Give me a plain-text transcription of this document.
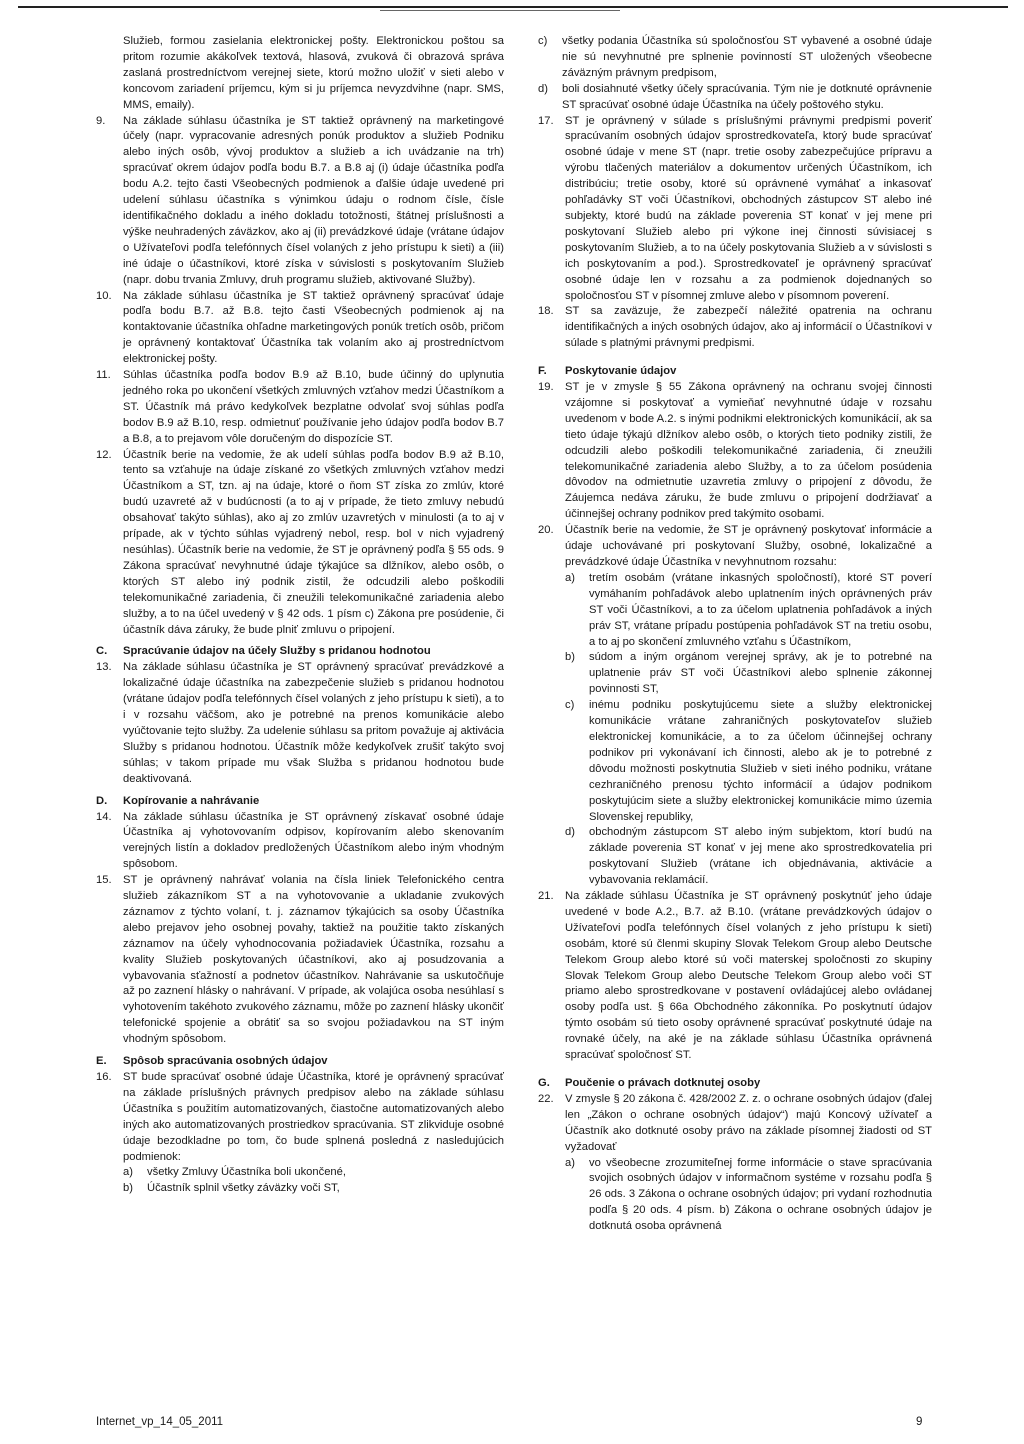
Služieb, formou zasielania elektronickej pošty. Elektronickou poštou sa pritom rozumie akákoľvek textová, hlasová, zvuková či obrazová správa zaslaná prostredníctvom verejnej siete, ktorú možno uložiť v sieti alebo v koncovom zariadení príjemcu, kým si ju príjemca nevyzdvihne (napr. SMS, MMS, emaily).
9.	Na základe súhlasu účastníka je ST taktiež oprávnený na marketingové účely (napr. vypracovanie adresných ponúk produktov a služieb Podniku alebo iných osôb, vývoj produktov a služieb a ich uvádzanie na trh) spracúvať okrem údajov podľa bodu B.7. a B.8 aj (i) údaje účastníka podľa bodu A.2. tejto časti Všeobecných podmienok a ďalšie údaje uvedené pri udelení súhlasu účastníka s výnimkou údaju o rodnom čísle, čísle identifikačného dokladu a iného dokladu totožnosti, štátnej príslušnosti a výške neuhradených záväzkov, ako aj (ii) prevádzkové údaje (vrátane údajov o Užívateľovi podľa telefónnych čísel volaných z jeho prístupu k sieti) a (iii) iné údaje o účastníkovi, ktoré získa v súvislosti s poskytovaním Služieb (napr. dobu trvania Zmluvy, druh programu služieb, aktivované Služby).
10.	Na základe súhlasu účastníka je ST taktiež oprávnený spracúvať údaje podľa bodu B.7. až B.8. tejto časti Všeobecných podmienok aj na kontaktovanie účastníka ohľadne marketingových ponúk tretích osôb, pričom je oprávnený kontaktovať Účastníka tak volaním ako aj prostredníctvom elektronickej pošty.
11.	Súhlas účastníka podľa bodov B.9 až B.10, bude účinný do uplynutia jedného roka po ukončení všetkých zmluvných vzťahov medzi Účastníkom a ST. Účastník má právo kedykoľvek bezplatne odvolať svoj súhlas podľa bodov B.9 až B.10, resp. odmietnuť používanie jeho údajov podľa bodov B.7 a B.8, a to prejavom vôle doručeným do dispozície ST.
12.	Účastník berie na vedomie, že ak udelí súhlas podľa bodov B.9 až B.10, tento sa vzťahuje na údaje získané zo všetkých zmluvných vzťahov medzi Účastníkom a ST, tzn. aj na údaje, ktoré o ňom ST získa zo zmlúv, ktoré budú uzavreté až v budúcnosti (a to aj v prípade, že tieto zmluvy nebudú obsahovať takýto súhlas), ako aj zo zmlúv uzavretých v minulosti (a to aj v prípade, ak v týchto súhlas vyjadrený nebol, resp. bol v nich vyjadrený nesúhlas). Účastník berie na vedomie, že ST je oprávnený podľa § 55 ods. 9 Zákona spracúvať nevyhnutné údaje týkajúce sa dlžníkov, alebo osôb, o ktorých ST alebo iný podnik zistil, že odcudzili alebo poškodili telekomunikačné zariadenia, či zneužili telekomunikačné zariadenia alebo služby, a to na účel uvedený v § 42 ods. 1 písm c) Zákona pre posúdenie, či účastník dáva záruky, že bude plniť zmluvu o pripojení.
C.	Spracúvanie údajov na účely Služby s pridanou hodnotou
13.	Na základe súhlasu účastníka je ST oprávnený spracúvať prevádzkové a lokalizačné údaje účastníka na zabezpečenie služieb s pridanou hodnotou (vrátane údajov podľa telefónnych čísel volaných z jeho prístupu k sieti), a to i v rozsahu väčšom, ako je potrebné na prenos komunikácie alebo vyúčtovanie tejto služby. Za udelenie súhlasu sa pritom považuje aj aktivácia Služby s pridanou hodnotou. Účastník môže kedykoľvek zrušiť takýto svoj súhlas; v takom prípade mu však Služba s pridanou hodnotou bude deaktivovaná.
D.	Kopírovanie a nahrávanie
14.	Na základe súhlasu účastníka je ST oprávnený získavať osobné údaje Účastníka aj vyhotovovaním odpisov, kopírovaním alebo skenovaním verejných listín a dokladov predložených Účastníkom alebo iným vhodným spôsobom.
15.	ST je oprávnený nahrávať volania na čísla liniek Telefonického centra služieb zákazníkom ST a na vyhotovovanie a ukladanie zvukových záznamov z týchto volaní, t. j. záznamov týkajúcich sa osoby Účastníka alebo prejavov jeho osobnej povahy, taktiež na použitie takto získaných záznamov na účely vyhodnocovania požiadaviek Účastníka, rozsahu a kvality Služieb poskytovaných účastníkovi, ako aj posudzovania a vybavovania sťažností a podnetov účastníkov. Nahrávanie sa uskutočňuje až po zaznení hlásky o nahrávaní. V prípade, ak volajúca osoba nesúhlasí s vyhotovením takéhoto zvukového záznamu, môže po zaznení hlásky ukončiť telefonické spojenie a obrátiť sa so svojou požiadavkou na ST iným vhodným spôsobom.
E.	Spôsob spracúvania osobných údajov
16.	ST bude spracúvať osobné údaje Účastníka, ktoré je oprávnený spracúvať na základe príslušných právnych predpisov alebo na základe súhlasu Účastníka s použitím automatizovaných, čiastočne automatizovaných alebo iných ako automatizovaných prostriedkov spracúvania. ST zlikviduje osobné údaje bezodkladne po tom, čo bude splnená posledná z nasledujúcich podmienok:
a)	všetky Zmluvy Účastníka boli ukončené,
b)	Účastník splnil všetky záväzky voči ST,
c)	všetky podania Účastníka sú spoločnosťou ST vybavené a osobné údaje nie sú nevyhnutné pre splnenie povinností ST uložených všeobecne záväzným právnym predpisom,
d)	boli dosiahnuté všetky účely spracúvania. Tým nie je dotknuté oprávnenie ST spracúvať osobné údaje Účastníka na účely poštového styku.
17.	ST je oprávnený v súlade s príslušnými právnymi predpismi poveriť spracúvaním osobných údajov sprostredkovateľa, ktorý bude spracúvať osobné údaje v mene ST (napr. tretie osoby zabezpečujúce prípravu a výrobu tlačených materiálov a dokumentov určených Účastníkom, ich distribúciu; tretie osoby, ktoré sú oprávnené vymáhať a inkasovať pohľadávky ST voči Účastníkovi, obchodných zástupcov ST alebo iné subjekty, ktoré budú na základe poverenia ST konať v jej mene pri poskytovaní Služieb alebo pri výkone inej činnosti súvisiacej s poskytovaním Služieb, a to na účely poskytovania Služieb a v súvislosti s ich poskytovaním a pod.). Sprostredkovateľ je oprávnený spracúvať osobné údaje len v rozsahu a za podmienok dojednaných so spoločnosťou ST v písomnej zmluve alebo v písomnom poverení.
18.	ST sa zaväzuje, že zabezpečí náležité opatrenia na ochranu identifikačných a iných osobných údajov, ako aj informácií o Účastníkovi v súlade s platnými právnymi predpismi.
F.	Poskytovanie údajov
19.	ST je v zmysle § 55 Zákona oprávnený na ochranu svojej činnosti vzájomne si poskytovať a vymieňať nevyhnutné údaje v rozsahu uvedenom v bode A.2. s inými podnikmi elektronických komunikácií, ak sa tieto údaje týkajú dlžníkov alebo osôb, o ktorých tieto podniky zistili, že odcudzili alebo poškodili telekomunikačné zariadenia, či zneužili telekomunikačné zariadenia alebo Služby, a to za účelom posúdenia dôvodov na odmietnutie uzavretia zmluvy o pripojení z dôvodu, že Záujemca nedáva záruku, že bude zmluvu o pripojení dodržiavať a účinnejšej ochrany podnikov pred takýmito osobami.
20.	Účastník berie na vedomie, že ST je oprávnený poskytovať informácie a údaje uchovávané pri poskytovaní Služby, osobné, lokalizačné a prevádzkové údaje Účastníka v nevyhnutnom rozsahu:
a)	tretím osobám (vrátane inkasných spoločností), ktoré ST poverí vymáhaním pohľadávok alebo uplatnením iných oprávnených práv ST voči Účastníkovi, a to za účelom uplatnenia pohľadávok a iných práv ST, vrátane prípadu postúpenia pohľadávok ST na tretiu osobu, a to aj po skončení zmluvného vzťahu s Účastníkom,
b)	súdom a iným orgánom verejnej správy, ak je to potrebné na uplatnenie práv ST voči Účastníkovi alebo splnenie zákonnej povinnosti ST,
c)	inému podniku poskytujúcemu siete a služby elektronickej komunikácie vrátane zahraničných poskytovateľov služieb elektronickej komunikácie, a to za účelom účinnejšej ochrany podnikov pri vykonávaní ich činnosti, alebo ak je to potrebné z dôvodu možnosti poskytnutia Služieb v sieti iného podniku, vrátane cezhraničného prenosu týchto informácií a údajov podnikom poskytujúcim siete a služby elektronickej komunikácie mimo územia Slovenskej republiky,
d)	obchodným zástupcom ST alebo iným subjektom, ktorí budú na základe poverenia ST konať v jej mene ako sprostredkovatelia pri poskytovaní Služieb (vrátane ich objednávania, aktivácie a vybavovania reklamácií.
21.	Na základe súhlasu Účastníka je ST oprávnený poskytnúť jeho údaje uvedené v bode A.2., B.7. až B.10. (vrátane prevádzkových údajov o Užívateľovi podľa telefónnych čísel volaných z jeho prístupu k sieti) osobám, ktoré sú členmi skupiny Slovak Telekom Group alebo Deutsche Telekom Group alebo ktoré sú voči materskej spoločnosti zo skupiny Slovak Telekom Group alebo Deutsche Telekom Group alebo voči ST priamo alebo sprostredkovane v postavení ovládajúcej alebo ovládanej osoby podľa ust. § 66a Obchodného zákonníka. Po poskytnutí údajov týmto osobám sú tieto osoby oprávnené spracúvať poskytnuté údaje na rovnaké účely, na aké je na základe súhlasu Účastníka oprávnená spracúvať spoločnosť ST.
G.	Poučenie o právach dotknutej osoby
22.	V zmysle § 20 zákona č. 428/2002 Z. z. o ochrane osobných údajov (ďalej len „Zákon o ochrane osobných údajov“) majú Koncový užívateľ a Účastník ako dotknuté osoby právo na základe písomnej žiadosti od ST vyžadovať
a)	vo všeobecne zrozumiteľnej forme informácie o stave spracúvania svojich osobných údajov v informačnom systéme v rozsahu podľa § 26 ods. 3 Zákona o ochrane osobných údajov; pri vydaní rozhodnutia podľa § 20 ods. 4 písm. b) Zákona o ochrane osobných údajov je dotknutá osoba oprávnená
Internet_vp_14_05_2011	9
